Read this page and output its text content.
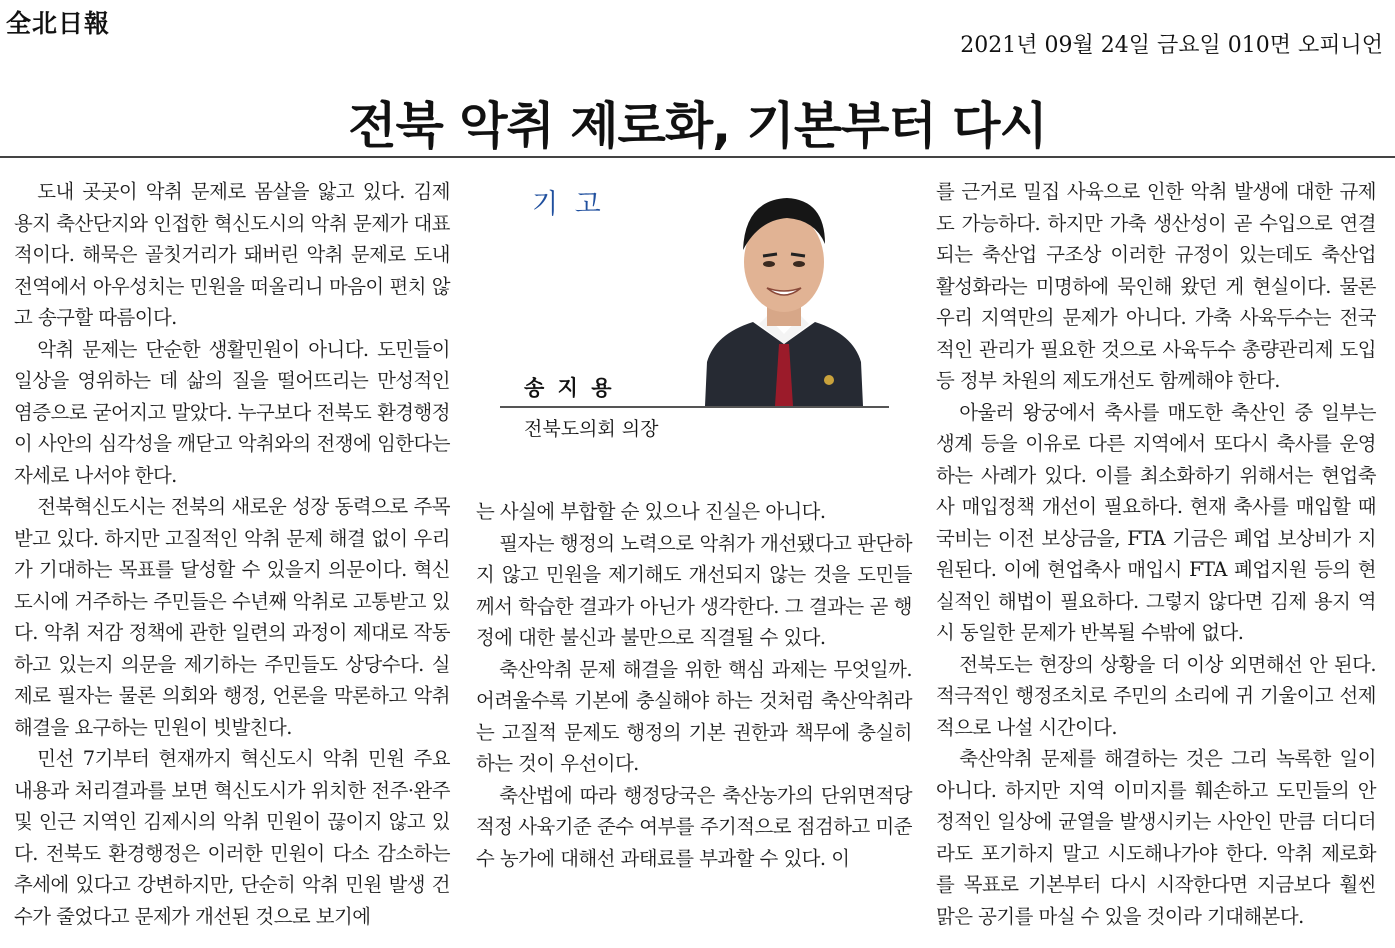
全北日報
2021년 09월 24일 금요일 010면 오피니언
전북 악취 제로화, 기본부터 다시

도내 곳곳이 악취 문제로 몸살을 앓고 있다. 김제 용지 축산단지와 인접한 혁신도시의 악취 문제가 대표적이다. 해묵은 골칫거리가 돼버린 악취 문제로 도내 전역에서 아우성치는 민원을 떠올리니 마음이 편치 않고 송구할 따름이다.

악취 문제는 단순한 생활민원이 아니다. 도민들이 일상을 영위하는 데 삶의 질을 떨어뜨리는 만성적인 염증으로 굳어지고 말았다. 누구보다 전북도 환경행정이 사안의 심각성을 깨닫고 악취와의 전쟁에 임한다는 자세로 나서야 한다.

전북혁신도시는 전북의 새로운 성장 동력으로 주목받고 있다. 하지만 고질적인 악취 문제 해결 없이 우리가 기대하는 목표를 달성할 수 있을지 의문이다. 혁신도시에 거주하는 주민들은 수년째 악취로 고통받고 있다. 악취 저감 정책에 관한 일련의 과정이 제대로 작동하고 있는지 의문을 제기하는 주민들도 상당수다. 실제로 필자는 물론 의회와 행정, 언론을 막론하고 악취 해결을 요구하는 민원이 빗발친다.

민선 7기부터 현재까지 혁신도시 악취 민원 주요 내용과 처리결과를 보면 혁신도시가 위치한 전주·완주 및 인근 지역인 김제시의 악취 민원이 끊이지 않고 있다. 전북도 환경행정은 이러한 민원이 다소 감소하는 추세에 있다고 강변하지만, 단순히 악취 민원 발생 건수가 줄었다고 문제가 개선된 것으로 보기에

기 고
송 지 용
전북도의회 의장

는 사실에 부합할 순 있으나 진실은 아니다.

필자는 행정의 노력으로 악취가 개선됐다고 판단하지 않고 민원을 제기해도 개선되지 않는 것을 도민들께서 학습한 결과가 아닌가 생각한다. 그 결과는 곧 행정에 대한 불신과 불만으로 직결될 수 있다.

축산악취 문제 해결을 위한 핵심 과제는 무엇일까. 어려울수록 기본에 충실해야 하는 것처럼 축산악취라는 고질적 문제도 행정의 기본 권한과 책무에 충실히 하는 것이 우선이다.

축산법에 따라 행정당국은 축산농가의 단위면적당 적정 사육기준 준수 여부를 주기적으로 점검하고 미준수 농가에 대해선 과태료를 부과할 수 있다. 이

를 근거로 밀집 사육으로 인한 악취 발생에 대한 규제도 가능하다. 하지만 가축 생산성이 곧 수입으로 연결되는 축산업 구조상 이러한 규정이 있는데도 축산업 활성화라는 미명하에 묵인해 왔던 게 현실이다. 물론 우리 지역만의 문제가 아니다. 가축 사육두수는 전국적인 관리가 필요한 것으로 사육두수 총량관리제 도입 등 정부 차원의 제도개선도 함께해야 한다.

아울러 왕궁에서 축사를 매도한 축산인 중 일부는 생계 등을 이유로 다른 지역에서 또다시 축사를 운영하는 사례가 있다. 이를 최소화하기 위해서는 현업축사 매입정책 개선이 필요하다. 현재 축사를 매입할 때 국비는 이전 보상금을, FTA 기금은 폐업 보상비가 지원된다. 이에 현업축사 매입시 FTA 폐업지원 등의 현실적인 해법이 필요하다. 그렇지 않다면 김제 용지 역시 동일한 문제가 반복될 수밖에 없다.

전북도는 현장의 상황을 더 이상 외면해선 안 된다. 적극적인 행정조치로 주민의 소리에 귀 기울이고 선제적으로 나설 시간이다.

축산악취 문제를 해결하는 것은 그리 녹록한 일이 아니다. 하지만 지역 이미지를 훼손하고 도민들의 안정적인 일상에 균열을 발생시키는 사안인 만큼 더디더라도 포기하지 말고 시도해나가야 한다. 악취 제로화를 목표로 기본부터 다시 시작한다면 지금보다 훨씬 맑은 공기를 마실 수 있을 것이라 기대해본다.
